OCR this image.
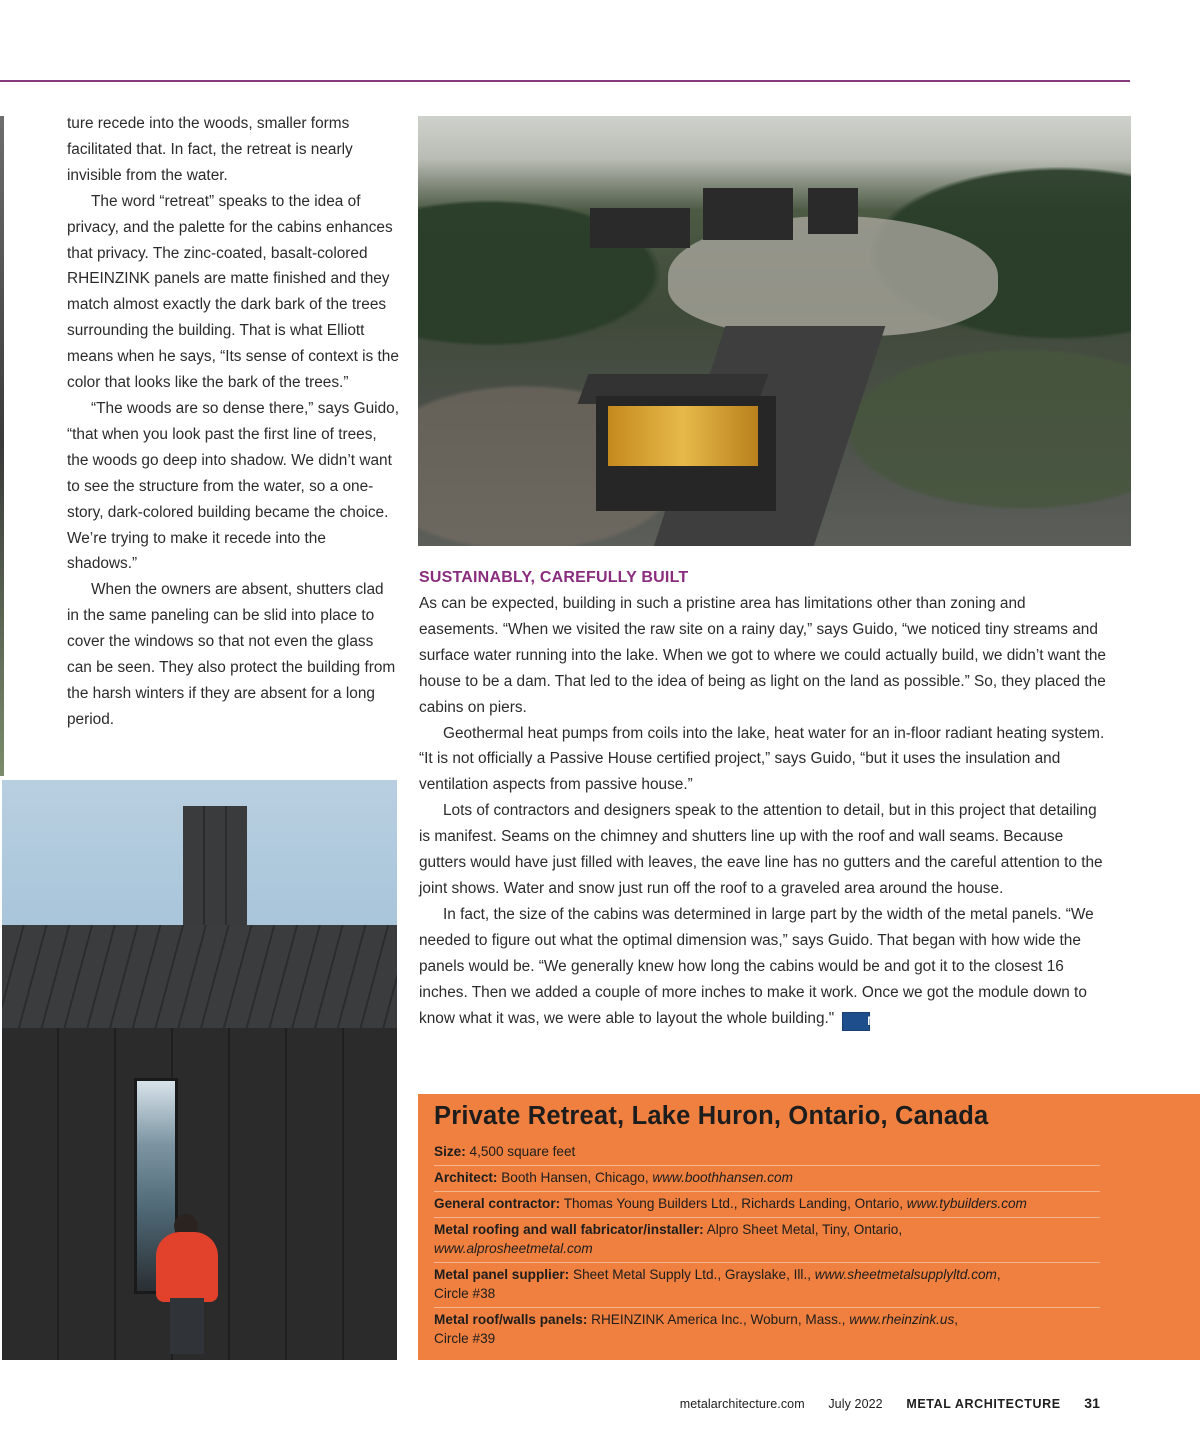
ture recede into the woods, smaller forms facilitated that. In fact, the retreat is nearly invisible from the water.

The word “retreat” speaks to the idea of privacy, and the palette for the cabins enhances that privacy. The zinc-coated, basalt-colored RHEINZINK panels are matte finished and they match almost exactly the dark bark of the trees surrounding the building. That is what Elliott means when he says, “Its sense of context is the color that looks like the bark of the trees.”

“The woods are so dense there,” says Guido, “that when you look past the first line of trees, the woods go deep into shadow. We didn’t want to see the structure from the water, so a one-story, dark-colored building became the choice. We’re trying to make it recede into the shadows.”

When the owners are absent, shutters clad in the same paneling can be slid into place to cover the windows so that not even the glass can be seen. They also protect the building from the harsh winters if they are absent for a long period.

SUSTAINABLY, CAREFULLY BUILT

As can be expected, building in such a pristine area has limitations other than zoning and easements. “When we visited the raw site on a rainy day,” says Guido, “we noticed tiny streams and surface water running into the lake. When we got to where we could actually build, we didn’t want the house to be a dam. That led to the idea of being as light on the land as possible.” So, they placed the cabins on piers.

Geothermal heat pumps from coils into the lake, heat water for an in-floor radiant heating system. “It is not officially a Passive House certified project,” says Guido, “but it uses the insulation and ventilation aspects from passive house.”

Lots of contractors and designers speak to the attention to detail, but in this project that detailing is manifest. Seams on the chimney and shutters line up with the roof and wall seams. Because gutters would have just filled with leaves, the eave line has no gutters and the careful attention to the joint shows. Water and snow just run off the roof to a graveled area around the house.

In fact, the size of the cabins was determined in large part by the width of the metal panels. “We needed to figure out what the optimal dimension was,” says Guido. That began with how wide the panels would be. “We generally knew how long the cabins would be and got it to the closest 16 inches. Then we added a couple of more inches to make it work. Once we got the module down to know what it was, we were able to layout the whole building."	Ma

Private Retreat, Lake Huron, Ontario, Canada
Size: 4,500 square feet
Architect: Booth Hansen, Chicago, www.boothhansen.com
General contractor: Thomas Young Builders Ltd., Richards Landing, Ontario, www.tybuilders.com
Metal roofing and wall fabricator/installer: Alpro Sheet Metal, Tiny, Ontario,
www.alprosheetmetal.com
Metal panel supplier: Sheet Metal Supply Ltd., Grayslake, Ill., www.sheetmetalsupplyltd.com,
Circle #38
Metal roof/walls panels: RHEINZINK America Inc., Woburn, Mass., www.rheinzink.us,
Circle #39
metalarchitecture.com July 2022 METAL ARCHITECTURE 31
